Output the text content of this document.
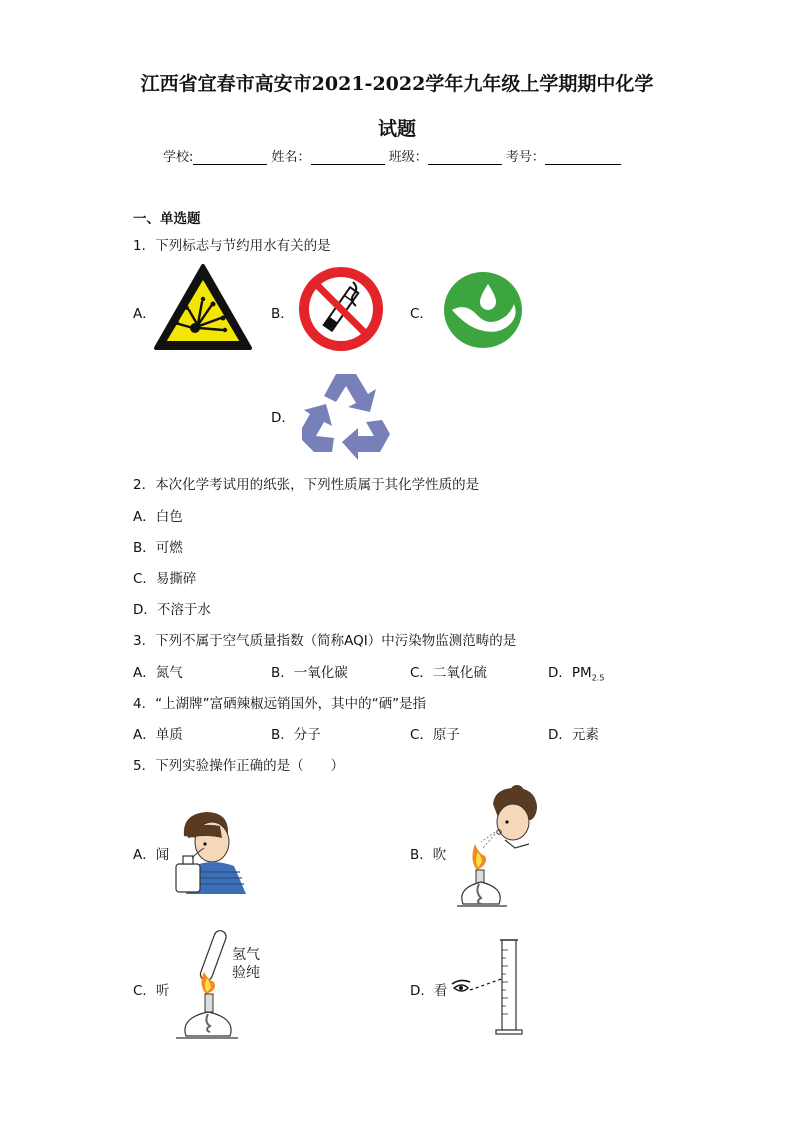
江西省宜春市高安市2021-2022学年九年级上学期期中化学
试题
学校:	姓名：	班级：	考号：
一、单选题
1．下列标志与节约用水有关的是
A．	B．	C．
D．
2．本次化学考试用的纸张，下列性质属于其化学性质的是
A．白色
B．可燃
C．易撕碎
D．不溶于水
3．下列不属于空气质量指数（简称AQI）中污染物监测范畴的是
A．氮气	B．一氧化碳	C．二氧化硫	D．$PM_{2.5}$
4．“上湖牌”富硒辣椒远销国外，其中的“硒”是指
A．单质	B．分子	C．原子	D．元素
5．下列实验操作正确的是（　　）
A．闻	B．吹
C．听
氢气
验纯
D．看
